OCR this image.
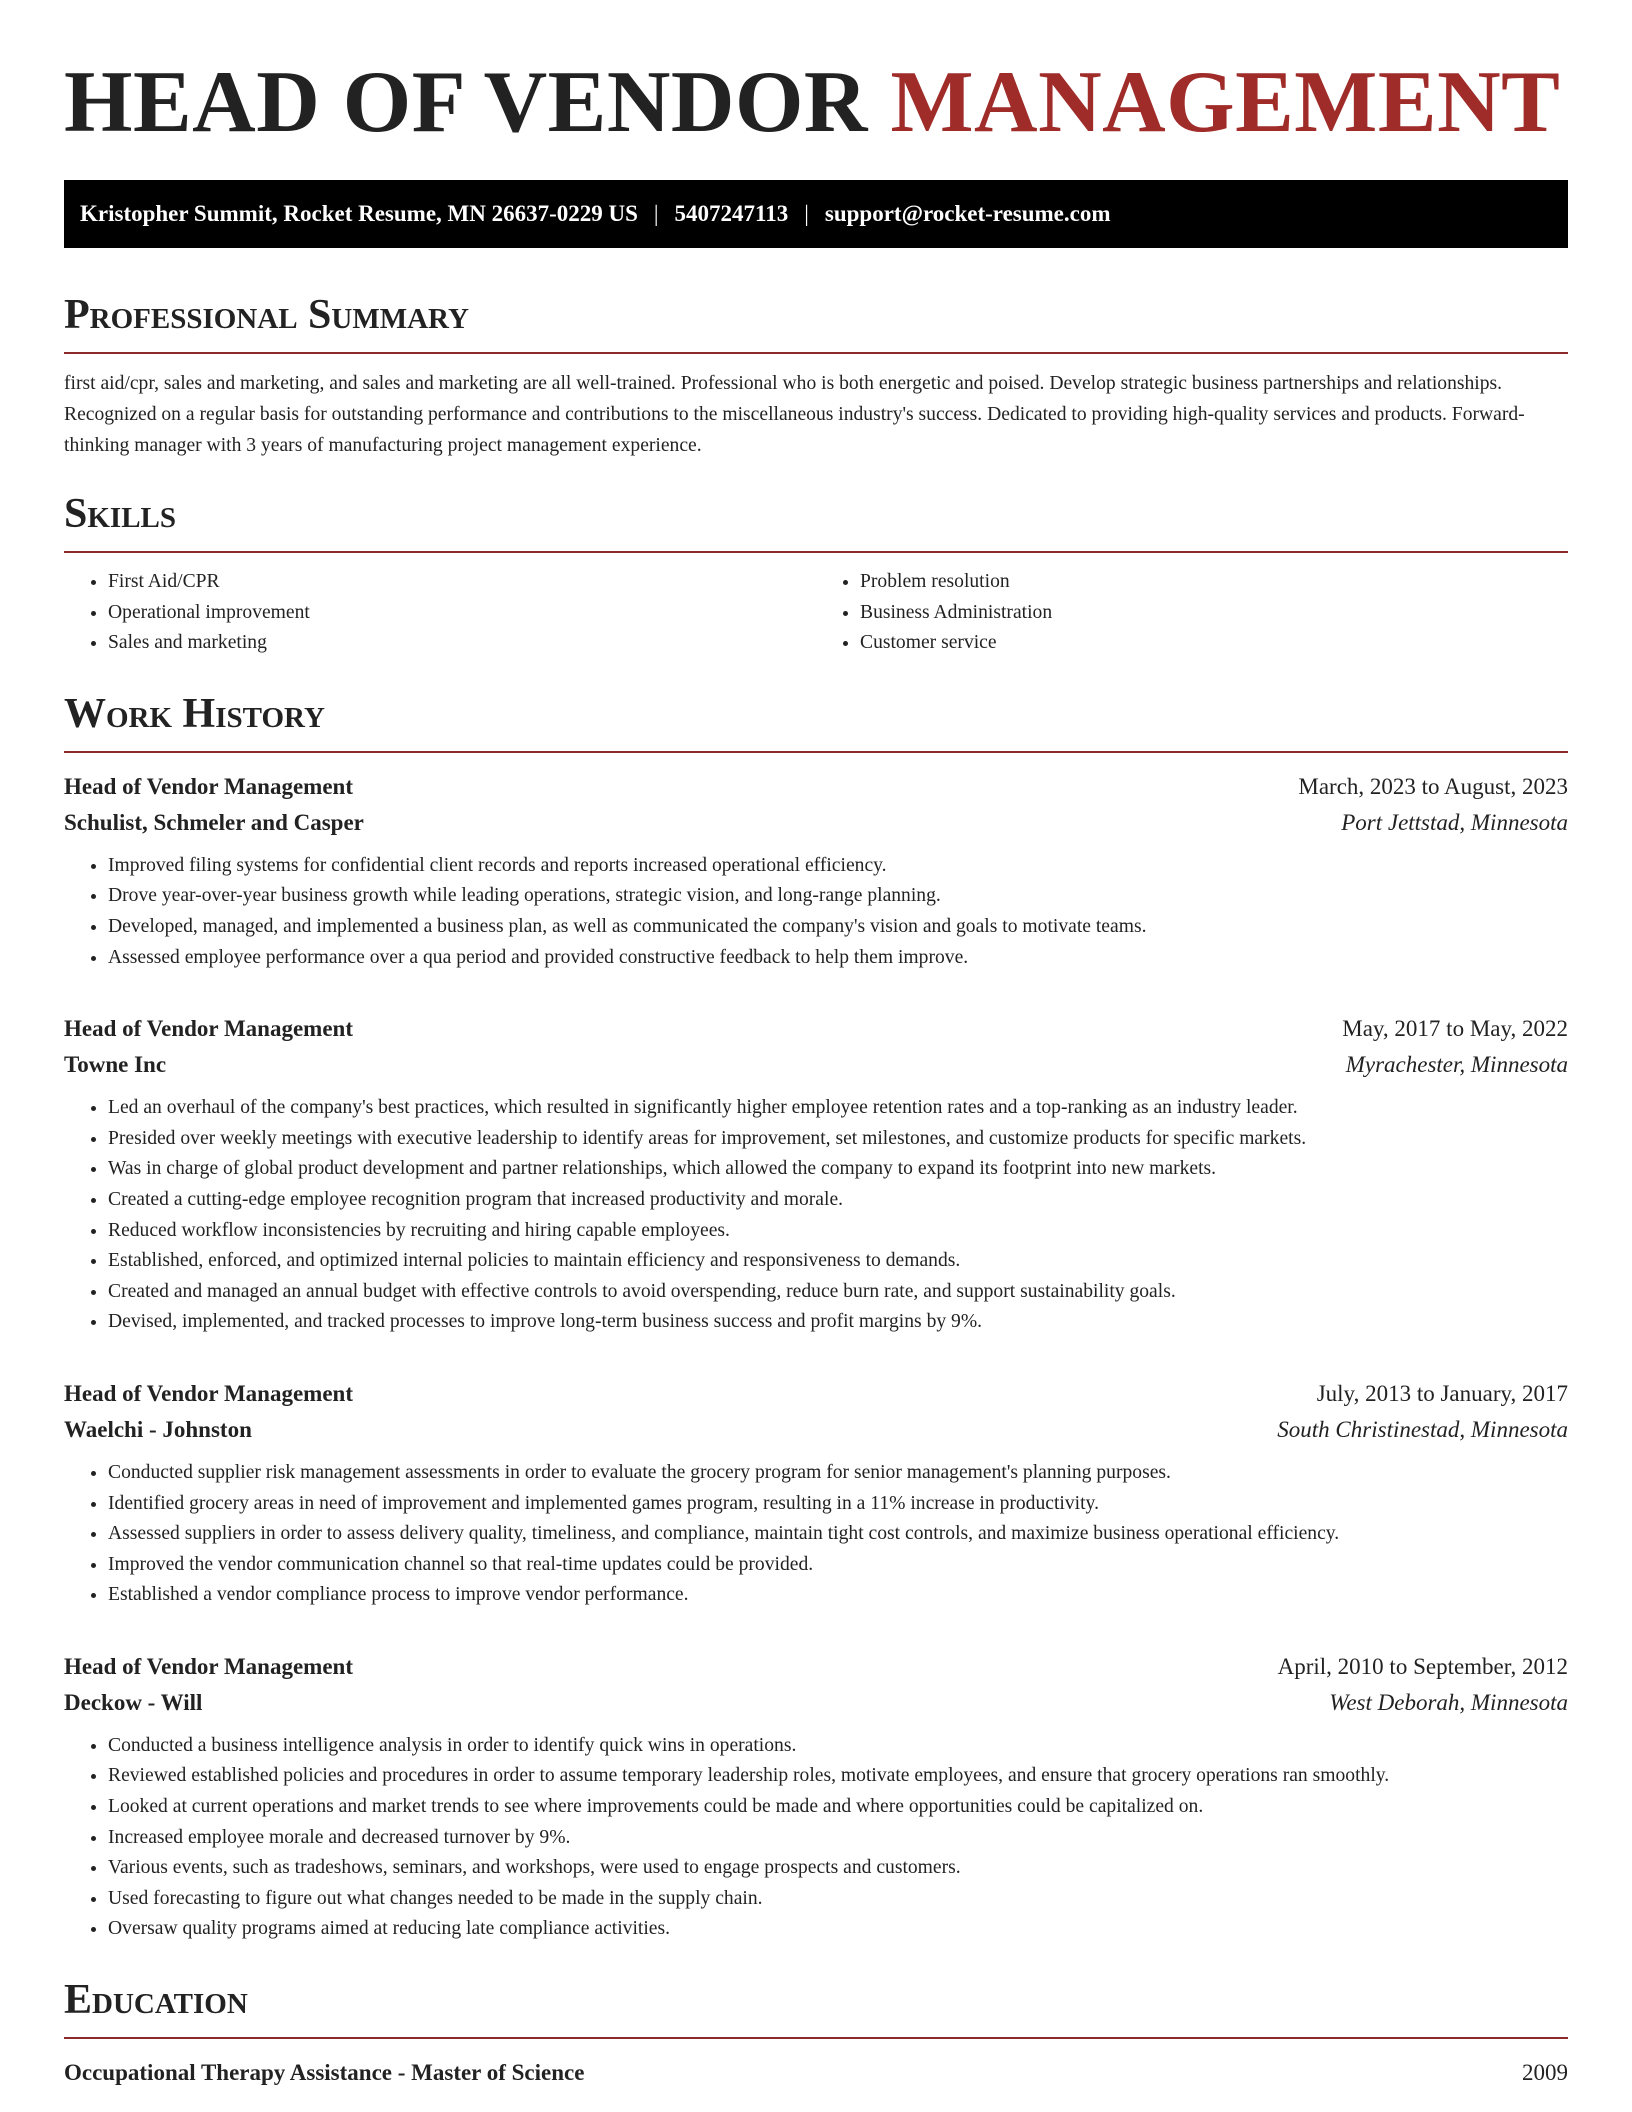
HEAD OF VENDOR MANAGEMENT
Kristopher Summit, Rocket Resume, MN 26637-0229 US | 5407247113 | support@rocket-resume.com
Professional Summary

first aid/cpr, sales and marketing, and sales and marketing are all well-trained. Professional who is both energetic and poised. Develop strategic business partnerships and relationships. Recognized on a regular basis for outstanding performance and contributions to the miscellaneous industry's success. Dedicated to providing high-quality services and products. Forward-thinking manager with 3 years of manufacturing project management experience.

Skills
• First Aid/CPR
• Operational improvement
• Sales and marketing
• Problem resolution
• Business Administration
• Customer service
Work History
Head of Vendor Management	March, 2023 to August, 2023
Schulist, Schmeler and Casper	Port Jettstad, Minnesota
• Improved filing systems for confidential client records and reports increased operational efficiency.
• Drove year-over-year business growth while leading operations, strategic vision, and long-range planning.
• Developed, managed, and implemented a business plan, as well as communicated the company's vision and goals to motivate teams.
• Assessed employee performance over a qua period and provided constructive feedback to help them improve.
Head of Vendor Management	May, 2017 to May, 2022
Towne Inc	Myrachester, Minnesota
• Led an overhaul of the company's best practices, which resulted in significantly higher employee retention rates and a top-ranking as an industry leader.
• Presided over weekly meetings with executive leadership to identify areas for improvement, set milestones, and customize products for specific markets.
• Was in charge of global product development and partner relationships, which allowed the company to expand its footprint into new markets.
• Created a cutting-edge employee recognition program that increased productivity and morale.
• Reduced workflow inconsistencies by recruiting and hiring capable employees.
• Established, enforced, and optimized internal policies to maintain efficiency and responsiveness to demands.
• Created and managed an annual budget with effective controls to avoid overspending, reduce burn rate, and support sustainability goals.
• Devised, implemented, and tracked processes to improve long-term business success and profit margins by 9%.
Head of Vendor Management	July, 2013 to January, 2017
Waelchi - Johnston	South Christinestad, Minnesota
• Conducted supplier risk management assessments in order to evaluate the grocery program for senior management's planning purposes.
• Identified grocery areas in need of improvement and implemented games program, resulting in a 11% increase in productivity.
• Assessed suppliers in order to assess delivery quality, timeliness, and compliance, maintain tight cost controls, and maximize business operational efficiency.
• Improved the vendor communication channel so that real-time updates could be provided.
• Established a vendor compliance process to improve vendor performance.
Head of Vendor Management	April, 2010 to September, 2012
Deckow - Will	West Deborah, Minnesota
• Conducted a business intelligence analysis in order to identify quick wins in operations.
• Reviewed established policies and procedures in order to assume temporary leadership roles, motivate employees, and ensure that grocery operations ran smoothly.
• Looked at current operations and market trends to see where improvements could be made and where opportunities could be capitalized on.
• Increased employee morale and decreased turnover by 9%.
• Various events, such as tradeshows, seminars, and workshops, were used to engage prospects and customers.
• Used forecasting to figure out what changes needed to be made in the supply chain.
• Oversaw quality programs aimed at reducing late compliance activities.
Education
Occupational Therapy Assistance - Master of Science	2009
